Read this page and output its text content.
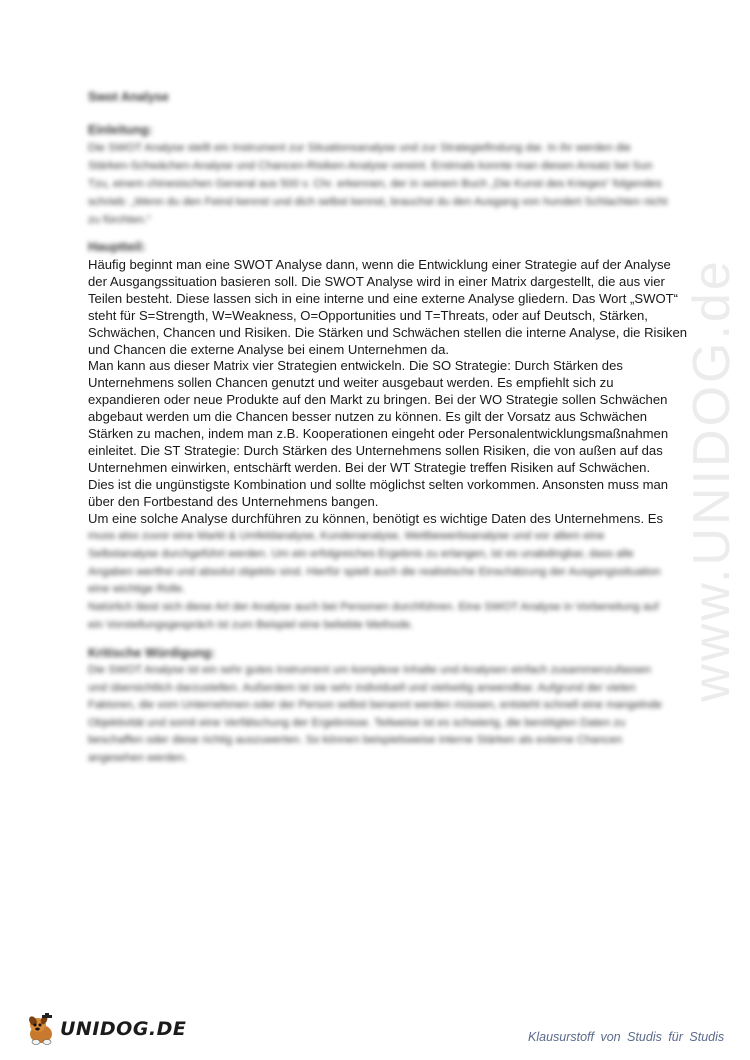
www.UNIDOG.de
Swot Analyse
Einleitung:

Die SWOT Analyse stellt ein Instrument zur Situationsanalyse und zur Strategiefindung dar. In ihr werden die Stärken-Schwächen-Analyse und Chancen-Risiken-Analyse vereint. Erstmals konnte man diesen Ansatz bei Sun Tzu, einem chinesischen General aus 500 v. Chr. erkennen, der in seinem Buch „Die Kunst des Krieges“ folgendes schrieb: „Wenn du den Feind kennst und dich selbst kennst, brauchst du den Ausgang von hundert Schlachten nicht zu fürchten.“

Hauptteil:
Häufig beginnt man eine SWOT Analyse dann, wenn die Entwicklung einer Strategie auf der Analyse
der Ausgangssituation basieren soll. Die SWOT Analyse wird in einer Matrix dargestellt, die aus vier
Teilen besteht. Diese lassen sich in eine interne und eine externe Analyse gliedern. Das Wort „SWOT“
steht für S=Strength, W=Weakness, O=Opportunities und T=Threats, oder auf Deutsch, Stärken,
Schwächen, Chancen und Risiken. Die Stärken und Schwächen stellen die interne Analyse, die Risiken
und Chancen die externe Analyse bei einem Unternehmen da.
Man kann aus dieser Matrix vier Strategien entwickeln. Die SO Strategie: Durch Stärken des
Unternehmens sollen Chancen genutzt und weiter ausgebaut werden. Es empfiehlt sich zu
expandieren oder neue Produkte auf den Markt zu bringen. Bei der WO Strategie sollen Schwächen
abgebaut werden um die Chancen besser nutzen zu können. Es gilt der Vorsatz aus Schwächen
Stärken zu machen, indem man z.B. Kooperationen eingeht oder Personalentwicklungsmaßnahmen
einleitet. Die ST Strategie: Durch Stärken des Unternehmens sollen Risiken, die von außen auf das
Unternehmen einwirken, entschärft werden. Bei der WT Strategie treffen Risiken auf Schwächen.
Dies ist die ungünstigste Kombination und sollte möglichst selten vorkommen. Ansonsten muss man
über den Fortbestand des Unternehmens bangen.
Um eine solche Analyse durchführen zu können, benötigt es wichtige Daten des Unternehmens. Es

muss also zuvor eine Markt & Umfeldanalyse, Kundenanalyse, Wettbewerbsanalyse und vor allem eine Selbstanalyse durchgeführt werden. Um ein erfolgreiches Ergebnis zu erlangen, ist es unabdingbar, dass alle Angaben wertfrei und absolut objektiv sind. Hierfür spielt auch die realistische Einschätzung der Ausgangssituation eine wichtige Rolle.

Natürlich lässt sich diese Art der Analyse auch bei Personen durchführen. Eine SWOT Analyse in Vorbereitung auf ein Vorstellungsgespräch ist zum Beispiel eine beliebte Methode.

Kritische Würdigung:

Die SWOT Analyse ist ein sehr gutes Instrument um komplexe Inhalte und Analysen einfach zusammenzufassen und übersichtlich darzustellen. Außerdem ist sie sehr individuell und vielseitig anwendbar. Aufgrund der vielen Faktoren, die vom Unternehmen oder der Person selbst benannt werden müssen, entsteht schnell eine mangelnde Objektivität und somit eine Verfälschung der Ergebnisse. Teilweise ist es schwierig, die benötigten Daten zu beschaffen oder diese richtig auszuwerten. So können beispielsweise interne Stärken als externe Chancen angesehen werden.

UNIDOG.DE	Klausurstoff von Studis für Studis
